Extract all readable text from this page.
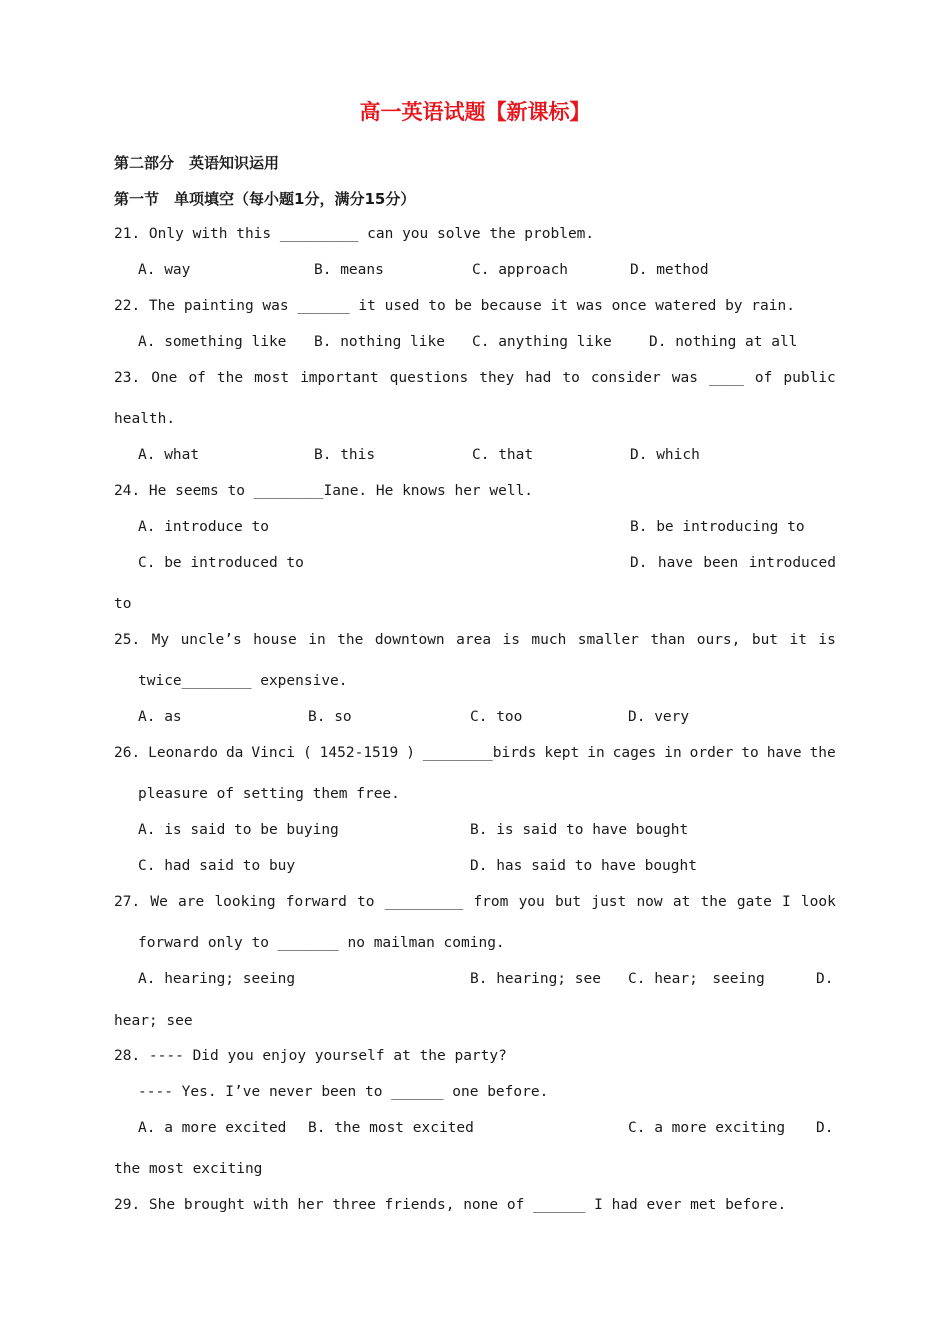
高一英语试题【新课标】
第二部分　英语知识运用
第一节　单项填空（每小题1分，满分15分）
21. Only with this _________ can you solve the problem.
A. way	B. means	C. approach	D. method
22. The painting was ______ it used to be because it was once watered by rain.
A. something like B. nothing like C. anything like	D. nothing at all
23. One of the most important questions they had to consider was ____ of public
health.
A. what	B. this	C. that	D. which
24. He seems to ________Iane. He knows her well.
A. introduce to	B. be introducing to
C. be introduced to	D. have been introduced
to
25. My uncle’s house in the downtown area is much smaller than ours, but it is
twice________ expensive.
A. as	B. so	C. too	D. very
26. Leonardo da Vinci ( 1452-1519 ) ________birds kept in cages in order to have the
pleasure of setting them free.
A. is said to be buying	B. is said to have bought
C. had said to buy	D. has said to have bought
27. We are looking forward to _________ from you but just now at the gate I look
forward only to _______ no mailman coming.
A. hearing; seeing	B. hearing; see C. hear;　seeing	D.
hear; see
28. ---- Did you enjoy yourself at the party?
---- Yes. I’ve never been to ______ one before.
A. a more excited B. the most excited	C. a more exciting D.
the most exciting
29. She brought with her three friends, none of ______ I had ever met before.
